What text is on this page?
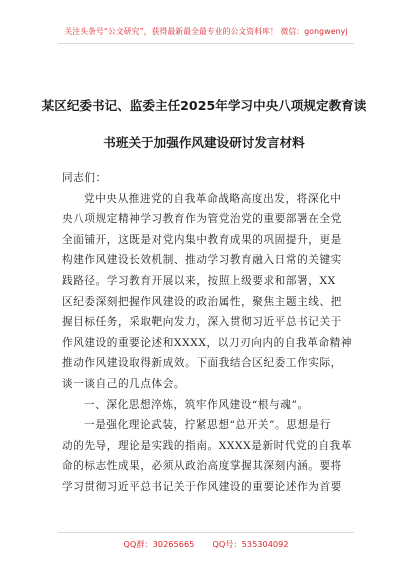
关注头条号“公文研究”，获得最新最全最专业的公文资料库！ 微信：gongwenyj
某区纪委书记、监委主任2025年学习中央八项规定教育读
书班关于加强作风建设研讨发言材料
同志们：
党中央从推进党的自我革命战略高度出发，将深化中
央八项规定精神学习教育作为管党治党的重要部署在全党
全面铺开，这既是对党内集中教育成果的巩固提升，更是
构建作风建设长效机制、推动学习教育融入日常的关键实
践路径。学习教育开展以来，按照上级要求和部署，XX
区纪委深刻把握作风建设的政治属性，聚焦主题主线、把
握目标任务，采取靶向发力，深入贯彻习近平总书记关于
作风建设的重要论述和XXXX，以刀刃向内的自我革命精神
推动作风建设取得新成效。下面我结合区纪委工作实际，
谈一谈自己的几点体会。
一、深化思想淬炼，筑牢作风建设“根与魂”。
一是强化理论武装，拧紧思想“总开关”。思想是行
动的先导，理论是实践的指南。XXXX是新时代党的自我革
命的标志性成果，必须从政治高度掌握其深刻内涵。要将
学习贯彻习近平总书记关于作风建设的重要论述作为首要
QQ群：30265665 QQ号：535304092
